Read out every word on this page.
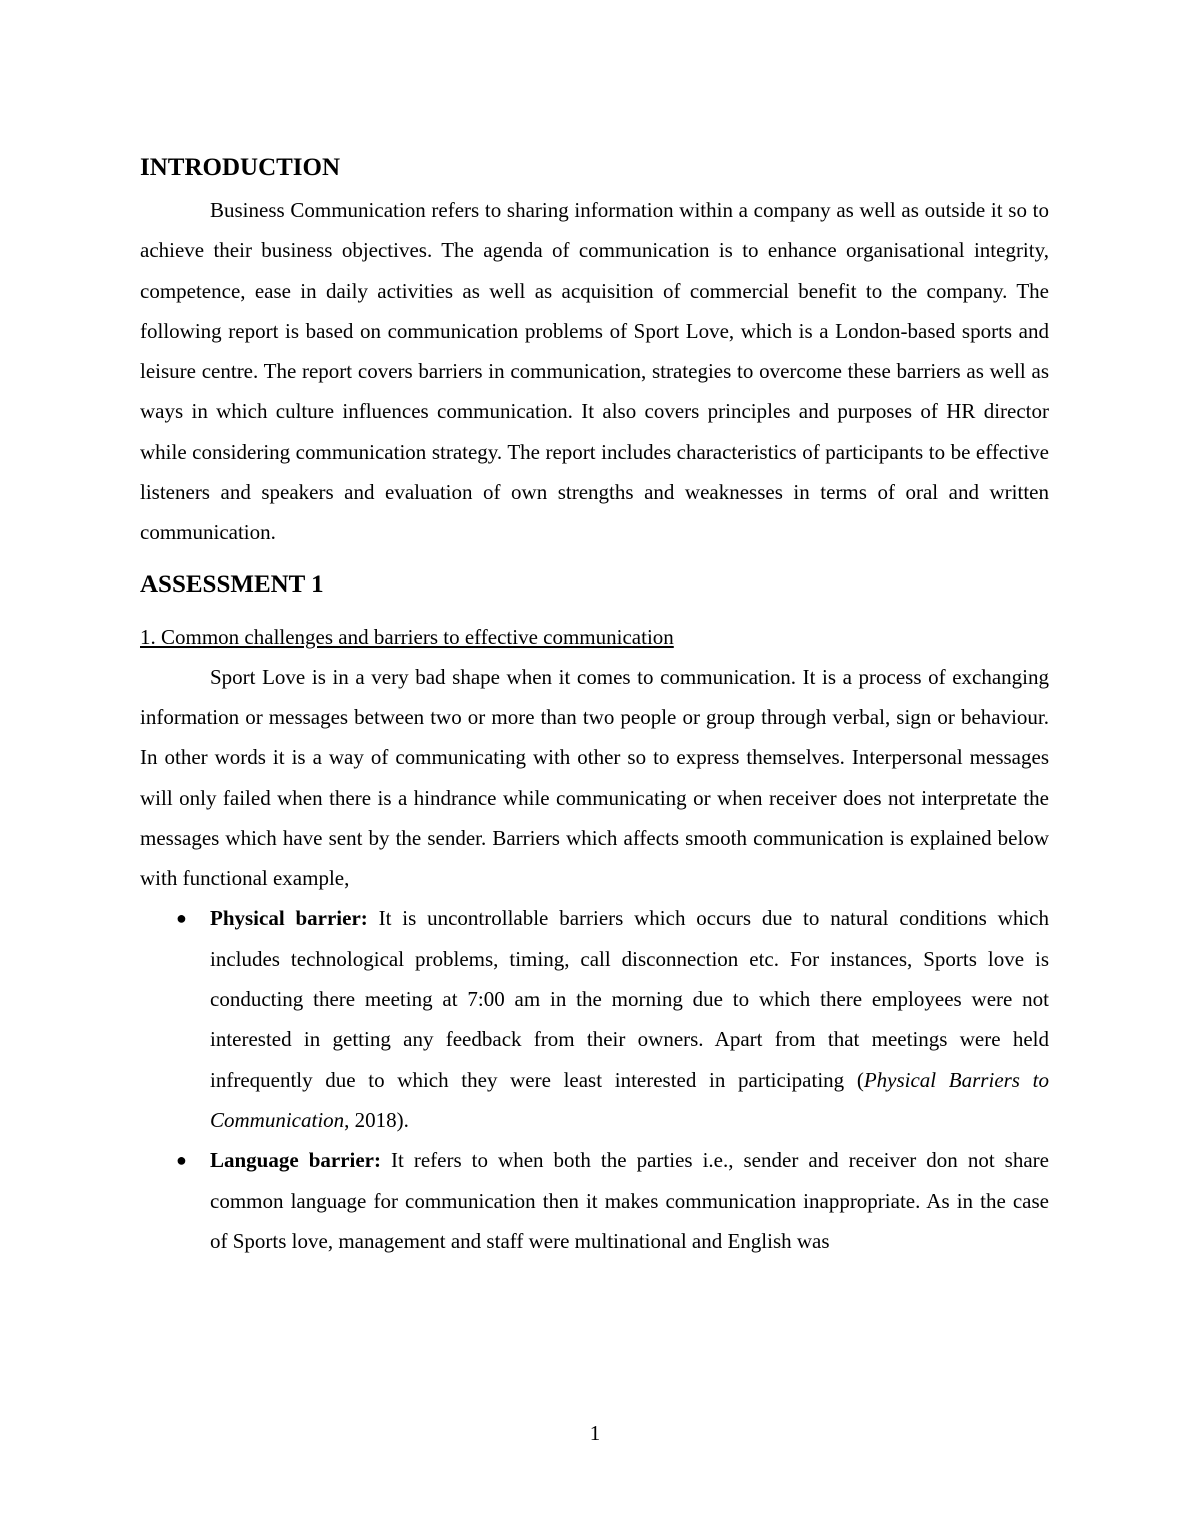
INTRODUCTION

Business Communication refers to sharing information within a company as well as outside it so to achieve their business objectives. The agenda of communication is to enhance organisational integrity, competence, ease in daily activities as well as acquisition of commercial benefit to the company. The following report is based on communication problems of Sport Love, which is a London-based sports and leisure centre. The report covers barriers in communication, strategies to overcome these barriers as well as ways in which culture influences communication. It also covers principles and purposes of HR director while considering communication strategy. The report includes characteristics of participants to be effective listeners and speakers and evaluation of own strengths and weaknesses in terms of oral and written communication.

ASSESSMENT 1

1. Common challenges and barriers to effective communication

Sport Love is in a very bad shape when it comes to communication. It is a process of exchanging information or messages between two or more than two people or group through verbal, sign or behaviour. In other words it is a way of communicating with other so to express themselves. Interpersonal messages will only failed when there is a hindrance while communicating or when receiver does not interpretate the messages which have sent by the sender. Barriers which affects smooth communication is explained below with functional example,

● Physical barrier: It is uncontrollable barriers which occurs due to natural conditions which includes technological problems, timing, call disconnection etc. For instances, Sports love is conducting there meeting at 7:00 am in the morning due to which there employees were not interested in getting any feedback from their owners. Apart from that meetings were held infrequently due to which they were least interested in participating (Physical Barriers to Communication, 2018).
● Language barrier: It refers to when both the parties i.e., sender and receiver don not share common language for communication then it makes communication inappropriate. As in the case of Sports love, management and staff were multinational and English was
1
